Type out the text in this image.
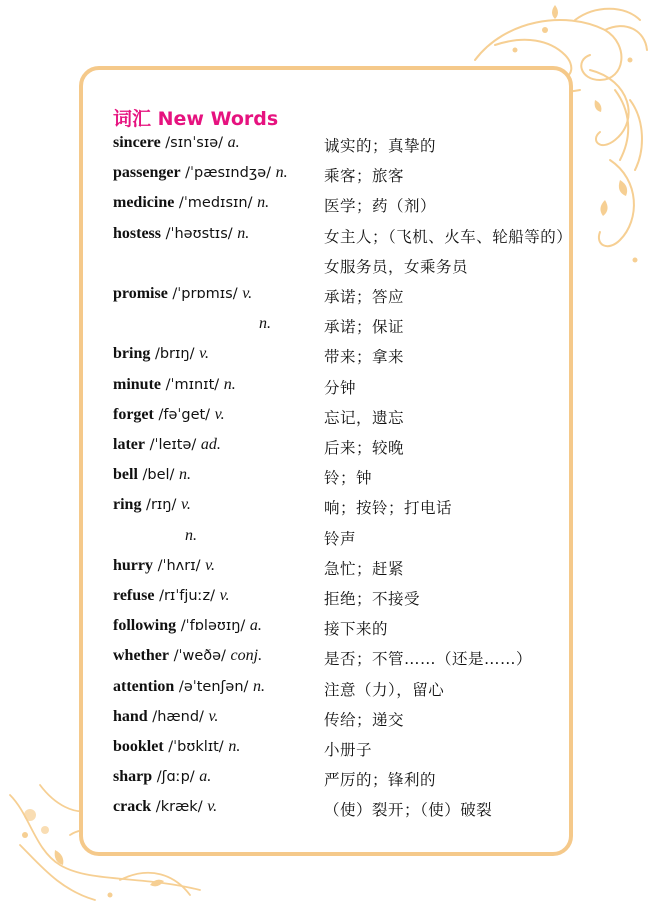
词汇 New Words
sincere /sɪnˈsɪə/ a.	诚实的；真挚的
passenger /ˈpæsɪndʒə/ n. 乘客；旅客
medicine /ˈmedɪsɪn/ n.	医学；药（剂）
hostess /ˈhəʊstɪs/ n.	女主人；（飞机、火车、轮船等的）
女服务员，女乘务员
promise /ˈprɒmɪs/ v.	承诺；答应
n.	承诺；保证
bring /brɪŋ/ v.	带来；拿来
minute /ˈmɪnɪt/ n.	分钟
forget /fəˈget/ v.	忘记，遗忘
later /ˈleɪtə/ ad.	后来；较晚
bell /bel/ n.	铃；钟
ring /rɪŋ/ v.	响；按铃；打电话
n.	铃声
hurry /ˈhʌrɪ/ v.	急忙；赶紧
refuse /rɪˈfjuːz/ v.	拒绝；不接受
following /ˈfɒləʊɪŋ/ a.	接下来的
whether /ˈweðə/ conj.	是否；不管……（还是……）
attention /əˈtenʃən/ n.	注意（力），留心
hand /hænd/ v.	传给；递交
booklet /ˈbʊklɪt/ n.	小册子
sharp /ʃɑːp/ a.	严厉的；锋利的
crack /kræk/ v.	（使）裂开；（使）破裂
